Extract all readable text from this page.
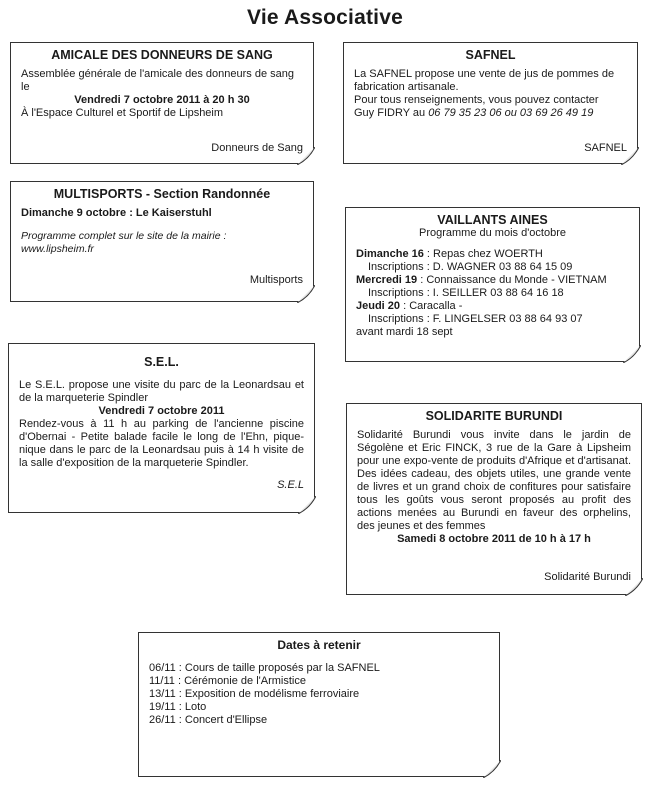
Vie Associative
AMICALE DES DONNEURS DE SANG

Assemblée générale de l'amicale des donneurs de sang le

Vendredi 7 octobre 2011 à 20 h 30

À l'Espace Culturel et Sportif de Lipsheim

Donneurs de Sang
SAFNEL

La SAFNEL propose une vente de jus de pommes de fabrication artisanale.

Pour tous renseignements, vous pouvez contacter

Guy FIDRY au 06 79 35 23 06 ou 03 69 26 49 19

SAFNEL
MULTISPORTS - Section Randonnée

Dimanche 9 octobre : Le Kaiserstuhl

Programme complet sur le site de la mairie :

www.lipsheim.fr

Multisports
VAILLANTS AINES
Programme du mois d'octobre

Dimanche 16 : Repas chez WOERTH

Inscriptions : D. WAGNER 03 88 64 15 09

Mercredi 19 : Connaissance du Monde - VIETNAM

Inscriptions : I. SEILLER 03 88 64 16 18

Jeudi 20 : Caracalla -

Inscriptions : F. LINGELSER 03 88 64 93 07

avant mardi 18 sept

S.E.L.

Le S.E.L. propose une visite du parc de la Leonardsau et de la marqueterie Spindler

Vendredi 7 octobre 2011

Rendez-vous à 11 h au parking de l'ancienne piscine d'Obernai - Petite balade facile le long de l'Ehn, pique-nique dans le parc de la Leonardsau puis à 14 h visite de la salle d'exposition de la marqueterie Spindler.

S.E.L
SOLIDARITE BURUNDI

Solidarité Burundi vous invite dans le jardin de Ségolène et Eric FINCK, 3 rue de la Gare à Lipsheim pour une expo-vente de produits d'Afrique et d'artisanat. Des idées cadeau, des objets utiles, une grande vente de livres et un grand choix de confitures pour satisfaire tous les goûts vous seront proposés au profit des actions menées au Burundi en faveur des orphelins, des jeunes et des femmes

Samedi 8 octobre 2011 de 10 h à 17 h

Solidarité Burundi
Dates à retenir

06/11 : Cours de taille proposés par la SAFNEL

11/11 : Cérémonie de l'Armistice

13/11 : Exposition de modélisme ferroviaire

19/11 : Loto

26/11 : Concert d'Ellipse
